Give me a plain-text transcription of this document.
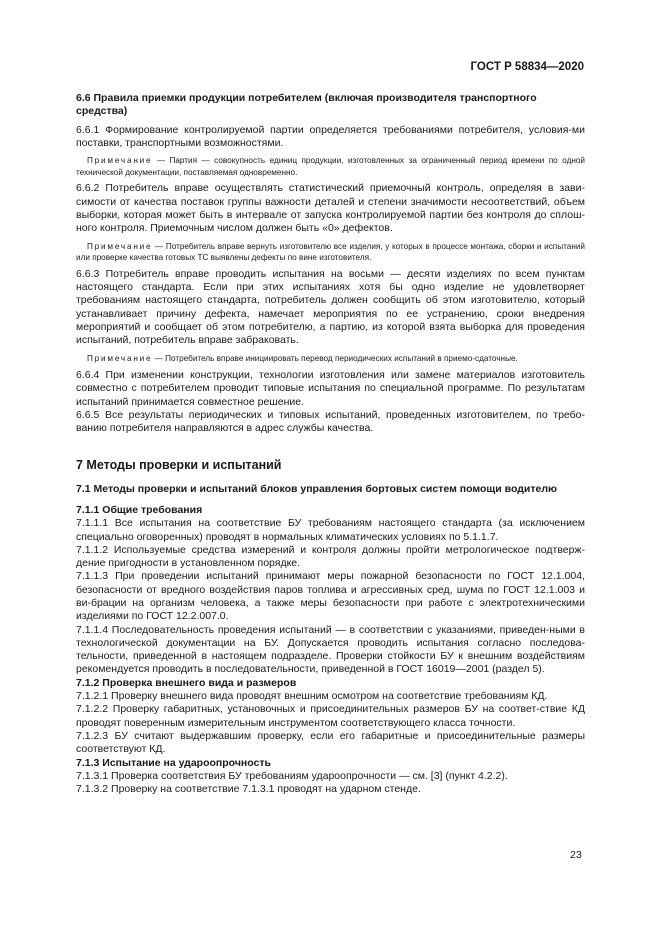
ГОСТ Р 58834—2020

6.6 Правила приемки продукции потребителем (включая производителя транспортного средства)

6.6.1 Формирование контролируемой партии определяется требованиями потребителя, условия-ми поставки, транспортными возможностями.

Примечание — Партия — совокупность единиц продукции, изготовленных за ограниченный период времени по одной технической документации, поставляемая одновременно.

6.6.2 Потребитель вправе осуществлять статистический приемочный контроль, определяя в зави-симости от качества поставок группы важности деталей и степени значимости несоответствий, объем выборки, которая может быть в интервале от запуска контролируемой партии без контроля до сплош-ного контроля. Приемочным числом должен быть «0» дефектов.

Примечание — Потребитель вправе вернуть изготовителю все изделия, у которых в процессе монтажа, сборки и испытаний или проверке качества готовых ТС выявлены дефекты по вине изготовителя.

6.6.3 Потребитель вправе проводить испытания на восьми — десяти изделиях по всем пунктам настоящего стандарта. Если при этих испытаниях хотя бы одно изделие не удовлетворяет требованиям настоящего стандарта, потребитель должен сообщить об этом изготовителю, который устанавливает причину дефекта, намечает мероприятия по ее устранению, сроки внедрения мероприятий и сообщает об этом потребителю, а партию, из которой взята выборка для проведения испытаний, потребитель вправе забраковать.

Примечание — Потребитель вправе инициировать перевод периодических испытаний в приемо-сдаточные.

6.6.4 При изменении конструкции, технологии изготовления или замене материалов изготовитель совместно с потребителем проводит типовые испытания по специальной программе. По результатам испытаний принимается совместное решение.

6.6.5 Все результаты периодических и типовых испытаний, проведенных изготовителем, по требо-ванию потребителя направляются в адрес службы качества.

7 Методы проверки и испытаний

7.1 Методы проверки и испытаний блоков управления бортовых систем помощи водителю

7.1.1 Общие требования

7.1.1.1 Все испытания на соответствие БУ требованиям настоящего стандарта (за исключением специально оговоренных) проводят в нормальных климатических условиях по 5.1.1.7.

7.1.1.2 Используемые средства измерений и контроля должны пройти метрологическое подтверж-дение пригодности в установленном порядке.

7.1.1.3 При проведении испытаний принимают меры пожарной безопасности по ГОСТ 12.1.004, безопасности от вредного воздействия паров топлива и агрессивных сред, шума по ГОСТ 12.1.003 и ви-брации на организм человека, а также меры безопасности при работе с электротехническими изделиями по ГОСТ 12.2.007.0.

7.1.1.4 Последовательность проведения испытаний — в соответствии с указаниями, приведен-ными в технологической документации на БУ. Допускается проводить испытания согласно последова-тельности, приведенной в настоящем подразделе. Проверки стойкости БУ к внешним воздействиям рекомендуется проводить в последовательности, приведенной в ГОСТ 16019—2001 (раздел 5).

7.1.2 Проверка внешнего вида и размеров

7.1.2.1 Проверку внешнего вида проводят внешним осмотром на соответствие требованиям КД.

7.1.2.2 Проверку габаритных, установочных и присоединительных размеров БУ на соответ-ствие КД проводят поверенным измерительным инструментом соответствующего класса точности.

7.1.2.3 БУ считают выдержавшим проверку, если его габаритные и присоединительные размеры соответствуют КД.

7.1.3 Испытание на удароопрочность

7.1.3.1 Проверка соответствия БУ требованиям удароопрочности — см. [3] (пункт 4.2.2).

7.1.3.2 Проверку на соответствие 7.1.3.1 проводят на ударном стенде.

23
